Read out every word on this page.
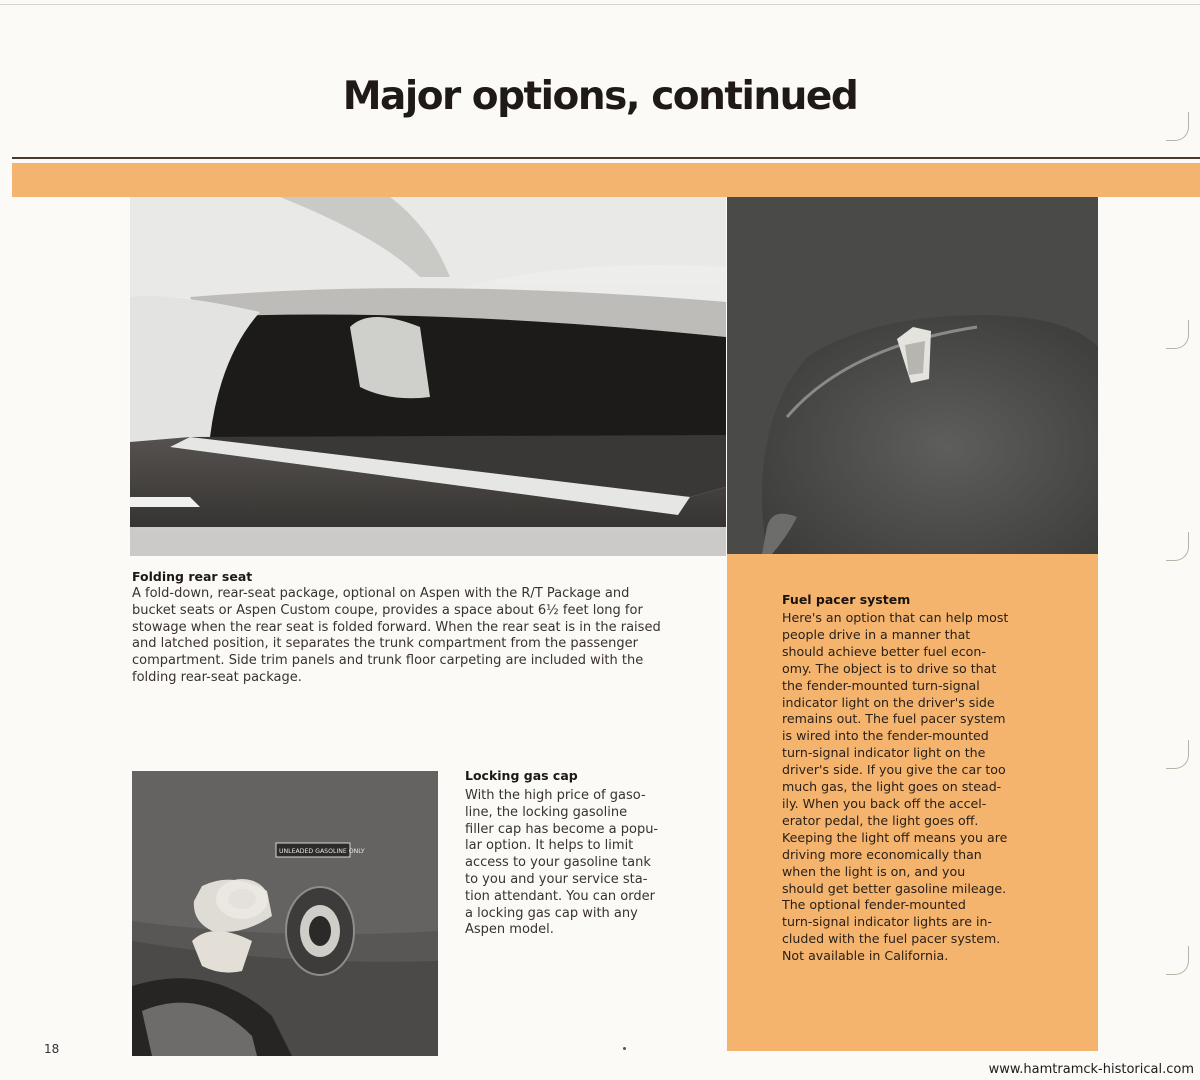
Major options, continued
UNLEADED GASOLINE ONLY
Folding rear seat
A fold-down, rear-seat package, optional on Aspen with the R/T Package and
bucket seats or Aspen Custom coupe, provides a space about 6½ feet long for
stowage when the rear seat is folded forward. When the rear seat is in the raised
and latched position, it separates the trunk compartment from the passenger
compartment. Side trim panels and trunk floor carpeting are included with the
folding rear-seat package.
Locking gas cap
With the high price of gaso-
line, the locking gasoline
filler cap has become a popu-
lar option. It helps to limit
access to your gasoline tank
to you and your service sta-
tion attendant. You can order
a locking gas cap with any
Aspen model.
Fuel pacer system
Here's an option that can help most
people drive in a manner that
should achieve better fuel econ-
omy. The object is to drive so that
the fender-mounted turn-signal
indicator light on the driver's side
remains out. The fuel pacer system
is wired into the fender-mounted
turn-signal indicator light on the
driver's side. If you give the car too
much gas, the light goes on stead-
ily. When you back off the accel-
erator pedal, the light goes off.
Keeping the light off means you are
driving more economically than
when the light is on, and you
should get better gasoline mileage.
The optional fender-mounted
turn-signal indicator lights are in-
cluded with the fuel pacer system.
Not available in California.
18
www.hamtramck-historical.com
